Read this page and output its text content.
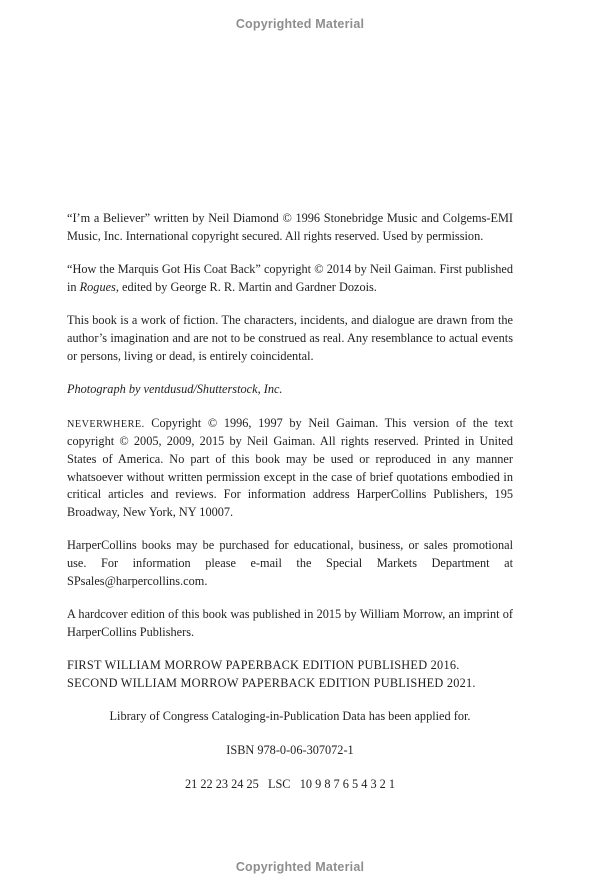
Copyrighted Material

“I’m a Believer” written by Neil Diamond © 1996 Stonebridge Music and Colgems-EMI Music, Inc. International copyright secured. All rights reserved. Used by permission.

“How the Marquis Got His Coat Back” copyright © 2014 by Neil Gaiman. First published in Rogues, edited by George R. R. Martin and Gardner Dozois.

This book is a work of fiction. The characters, incidents, and dialogue are drawn from the author’s imagination and are not to be construed as real. Any resemblance to actual events or persons, living or dead, is entirely coincidental.

Photograph by ventdusud/Shutterstock, Inc.

NEVERWHERE. Copyright © 1996, 1997 by Neil Gaiman. This version of the text copyright © 2005, 2009, 2015 by Neil Gaiman. All rights reserved. Printed in United States of America. No part of this book may be used or reproduced in any manner whatsoever without written permission except in the case of brief quotations embodied in critical articles and reviews. For information address HarperCollins Publishers, 195 Broadway, New York, NY 10007.

HarperCollins books may be purchased for educational, business, or sales promotional use. For information please e-mail the Special Markets Department at SPsales@harpercollins.com.

A hardcover edition of this book was published in 2015 by William Morrow, an imprint of HarperCollins Publishers.

FIRST WILLIAM MORROW PAPERBACK EDITION PUBLISHED 2016.
SECOND WILLIAM MORROW PAPERBACK EDITION PUBLISHED 2021.

Library of Congress Cataloging-in-Publication Data has been applied for.

ISBN 978-0-06-307072-1

21 22 23 24 25   LSC   10 9 8 7 6 5 4 3 2 1

Copyrighted Material
